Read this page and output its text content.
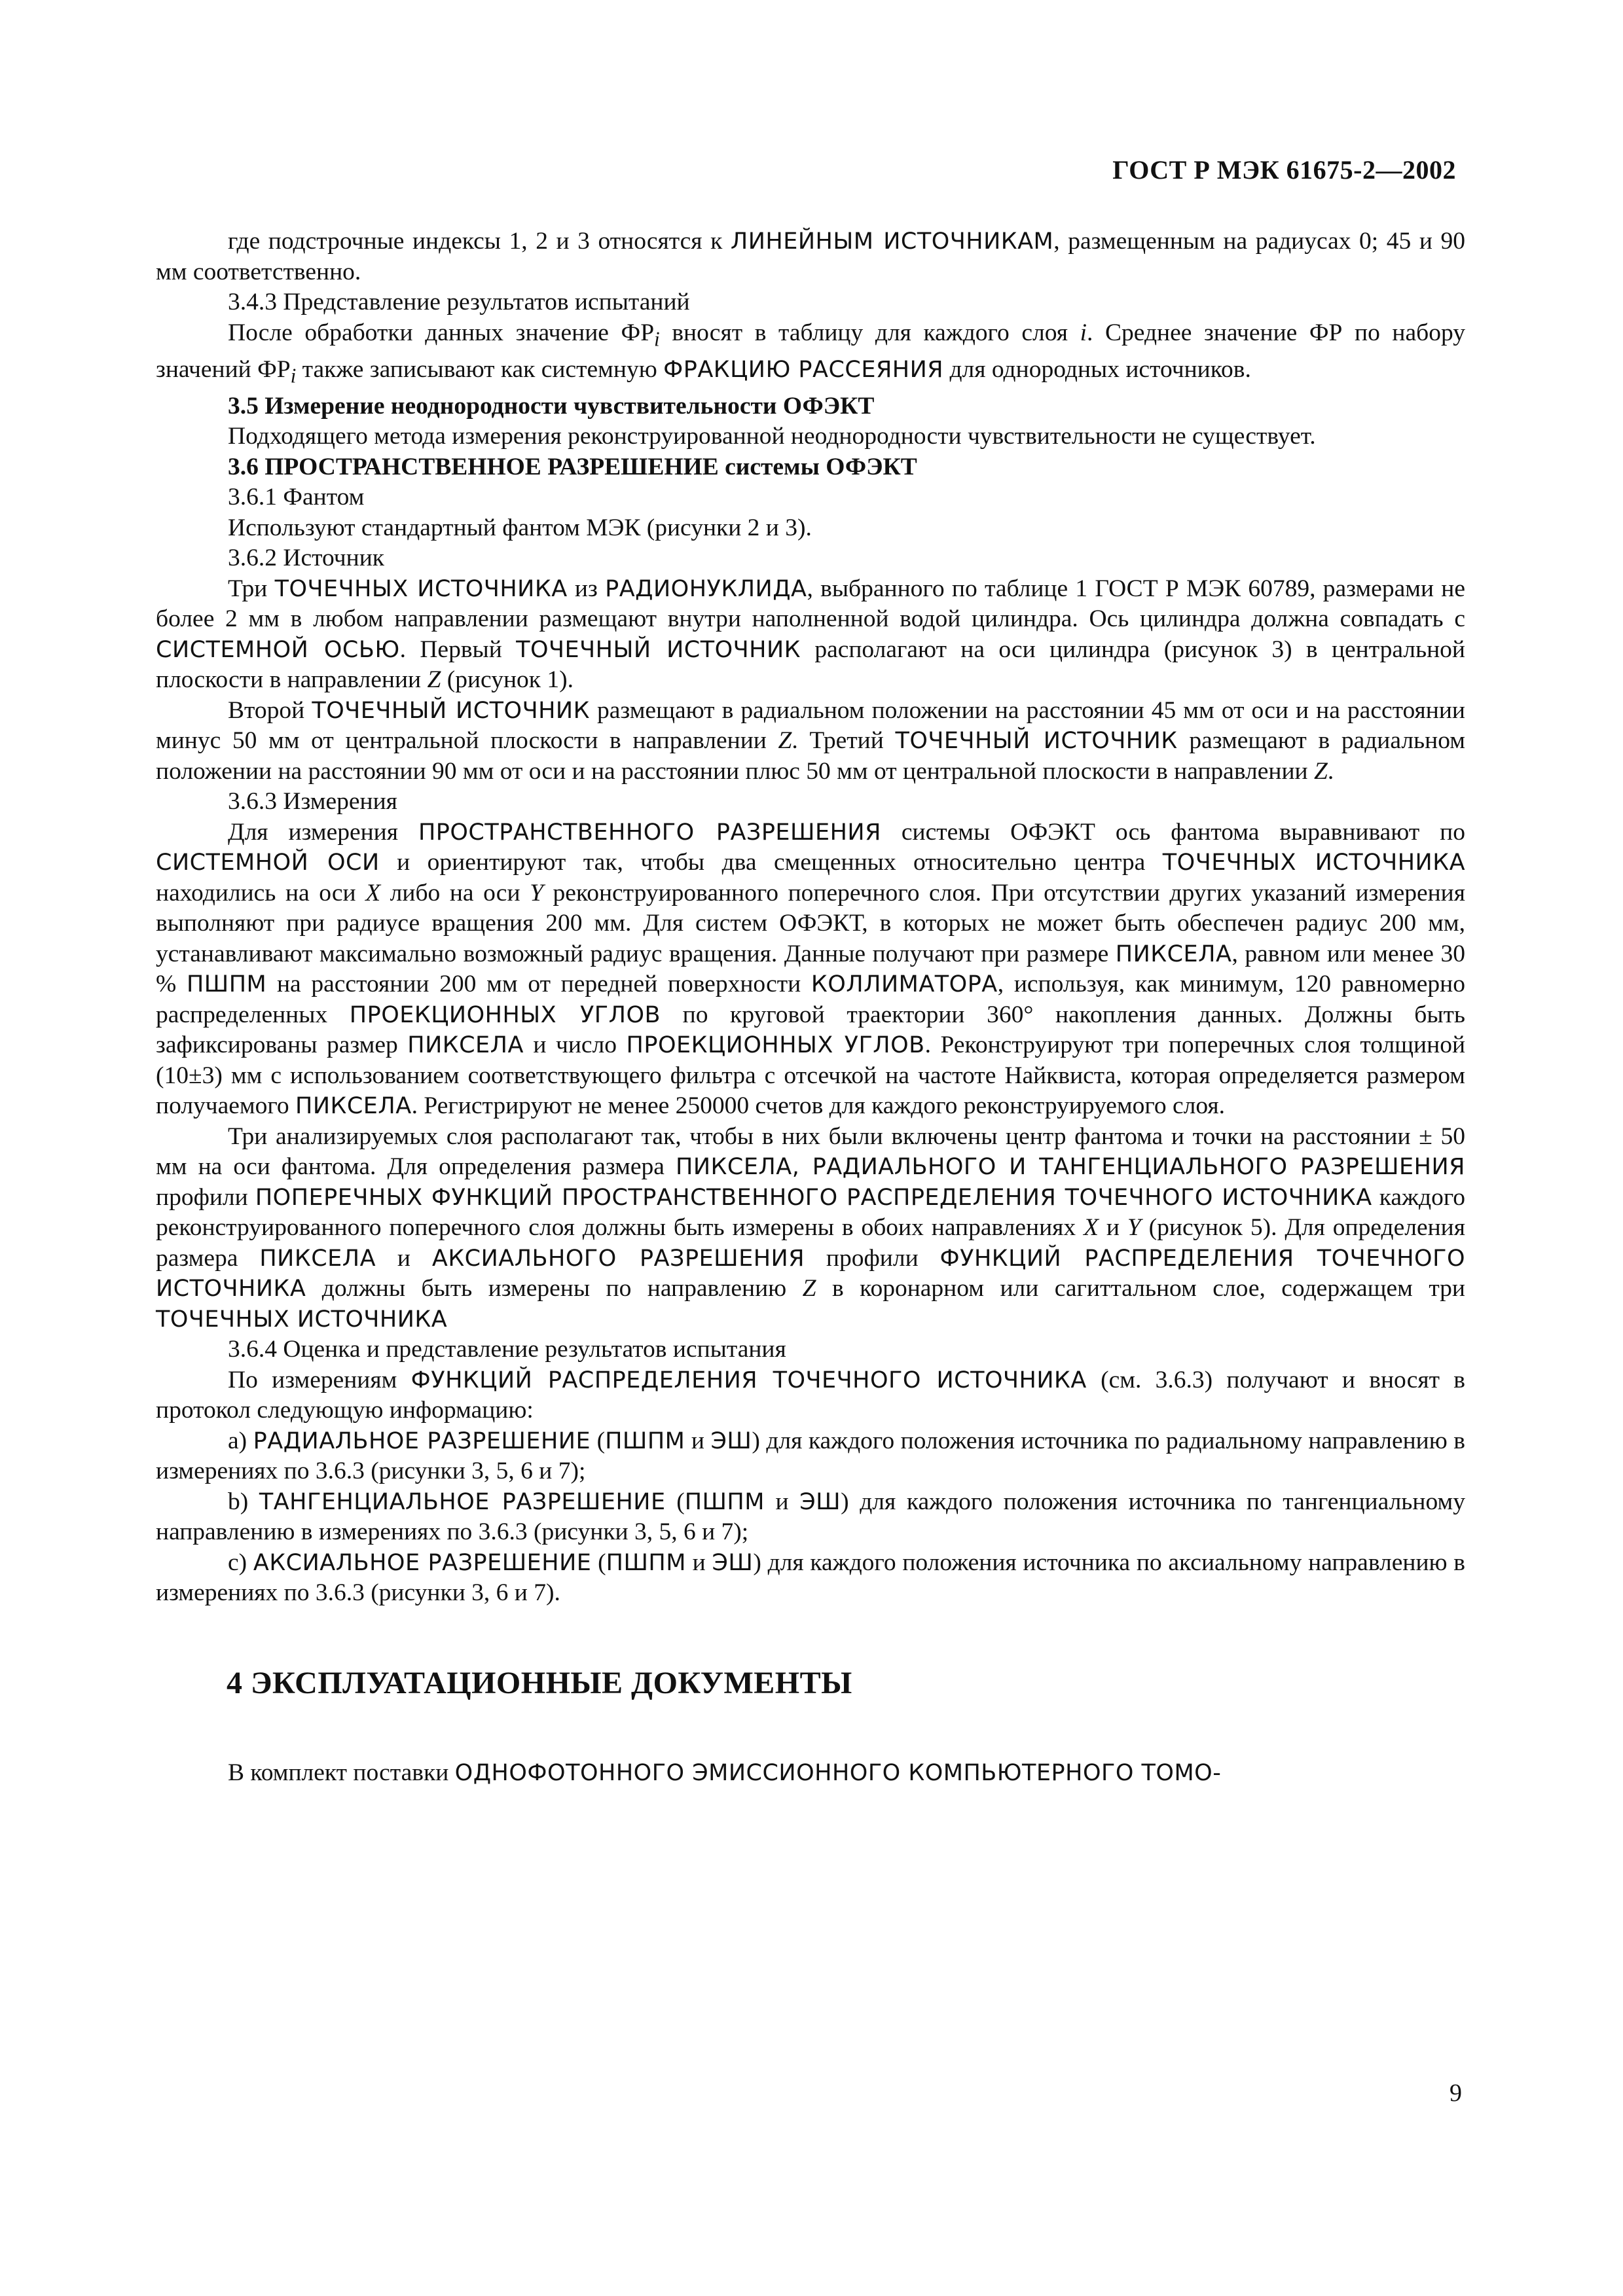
ГОСТ Р МЭК 61675-2—2002

где подстрочные индексы 1, 2 и 3 относятся к ЛИНЕЙНЫМ ИСТОЧНИКАМ, размещенным на радиусах 0; 45 и 90 мм соответственно.

3.4.3 Представление результатов испытаний

После обработки данных значение $ФР_i$ вносят в таблицу для каждого слоя i. Среднее значение ФР по набору значений $ФР_i$ также записывают как системную ФРАКЦИЮ РАССЕЯНИЯ для однородных источников.

3.5 Измерение неоднородности чувствительности ОФЭКТ

Подходящего метода измерения реконструированной неоднородности чувствительности не существует.

3.6 ПРОСТРАНСТВЕННОЕ РАЗРЕШЕНИЕ системы ОФЭКТ

3.6.1 Фантом

Используют стандартный фантом МЭК (рисунки 2 и 3).

3.6.2 Источник

Три ТОЧЕЧНЫХ ИСТОЧНИКА из РАДИОНУКЛИДА, выбранного по таблице 1 ГОСТ Р МЭК 60789, размерами не более 2 мм в любом направлении размещают внутри наполненной водой цилиндра. Ось цилиндра должна совпадать с СИСТЕМНОЙ ОСЬЮ. Первый ТОЧЕЧНЫЙ ИСТОЧНИК располагают на оси цилиндра (рисунок 3) в центральной плоскости в направлении Z (рисунок 1).

Второй ТОЧЕЧНЫЙ ИСТОЧНИК размещают в радиальном положении на расстоянии 45 мм от оси и на расстоянии минус 50 мм от центральной плоскости в направлении Z. Третий ТОЧЕЧНЫЙ ИСТОЧНИК размещают в радиальном положении на расстоянии 90 мм от оси и на расстоянии плюс 50 мм от центральной плоскости в направлении Z.

3.6.3 Измерения

Для измерения ПРОСТРАНСТВЕННОГО РАЗРЕШЕНИЯ системы ОФЭКТ ось фантома выравнивают по СИСТЕМНОЙ ОСИ и ориентируют так, чтобы два смещенных относительно центра ТОЧЕЧНЫХ ИСТОЧНИКА находились на оси X либо на оси Y реконструированного поперечного слоя. При отсутствии других указаний измерения выполняют при радиусе вращения 200 мм. Для систем ОФЭКТ, в которых не может быть обеспечен радиус 200 мм, устанавливают максимально возможный радиус вращения. Данные получают при размере ПИКСЕЛА, равном или менее 30 % ПШПМ на расстоянии 200 мм от передней поверхности КОЛЛИМАТОРА, используя, как минимум, 120 равномерно распределенных ПРОЕКЦИОННЫХ УГЛОВ по круговой траектории 360° накопления данных. Должны быть зафиксированы размер ПИКСЕЛА и число ПРОЕКЦИОННЫХ УГЛОВ. Реконструируют три поперечных слоя толщиной (10±3) мм с использованием соответствующего фильтра с отсечкой на частоте Найквиста, которая определяется размером получаемого ПИКСЕЛА. Регистрируют не менее 250000 счетов для каждого реконструируемого слоя.

Три анализируемых слоя располагают так, чтобы в них были включены центр фантома и точки на расстоянии ± 50 мм на оси фантома. Для определения размера ПИКСЕЛА, РАДИАЛЬНОГО И ТАНГЕНЦИАЛЬНОГО РАЗРЕШЕНИЯ профили ПОПЕРЕЧНЫХ ФУНКЦИЙ ПРОСТРАНСТВЕННОГО РАСПРЕДЕЛЕНИЯ ТОЧЕЧНОГО ИСТОЧНИКА каждого реконструированного поперечного слоя должны быть измерены в обоих направлениях X и Y (рисунок 5). Для определения размера ПИКСЕЛА и АКСИАЛЬНОГО РАЗРЕШЕНИЯ профили ФУНКЦИЙ РАСПРЕДЕЛЕНИЯ ТОЧЕЧНОГО ИСТОЧНИКА должны быть измерены по направлению Z в коронарном или сагиттальном слое, содержащем три ТОЧЕЧНЫХ ИСТОЧНИКА

3.6.4 Оценка и представление результатов испытания

По измерениям ФУНКЦИЙ РАСПРЕДЕЛЕНИЯ ТОЧЕЧНОГО ИСТОЧНИКА (см. 3.6.3) получают и вносят в протокол следующую информацию:

a) РАДИАЛЬНОЕ РАЗРЕШЕНИЕ (ПШПМ и ЭШ) для каждого положения источника по радиальному направлению в измерениях по 3.6.3 (рисунки 3, 5, 6 и 7);

b) ТАНГЕНЦИАЛЬНОЕ РАЗРЕШЕНИЕ (ПШПМ и ЭШ) для каждого положения источника по тангенциальному направлению в измерениях по 3.6.3 (рисунки 3, 5, 6 и 7);

c) АКСИАЛЬНОЕ РАЗРЕШЕНИЕ (ПШПМ и ЭШ) для каждого положения источника по аксиальному направлению в измерениях по 3.6.3 (рисунки 3, 6 и 7).

4 ЭКСПЛУАТАЦИОННЫЕ ДОКУМЕНТЫ

В комплект поставки ОДНОФОТОННОГО ЭМИССИОННОГО КОМПЬЮТЕРНОГО ТОМО-

9
